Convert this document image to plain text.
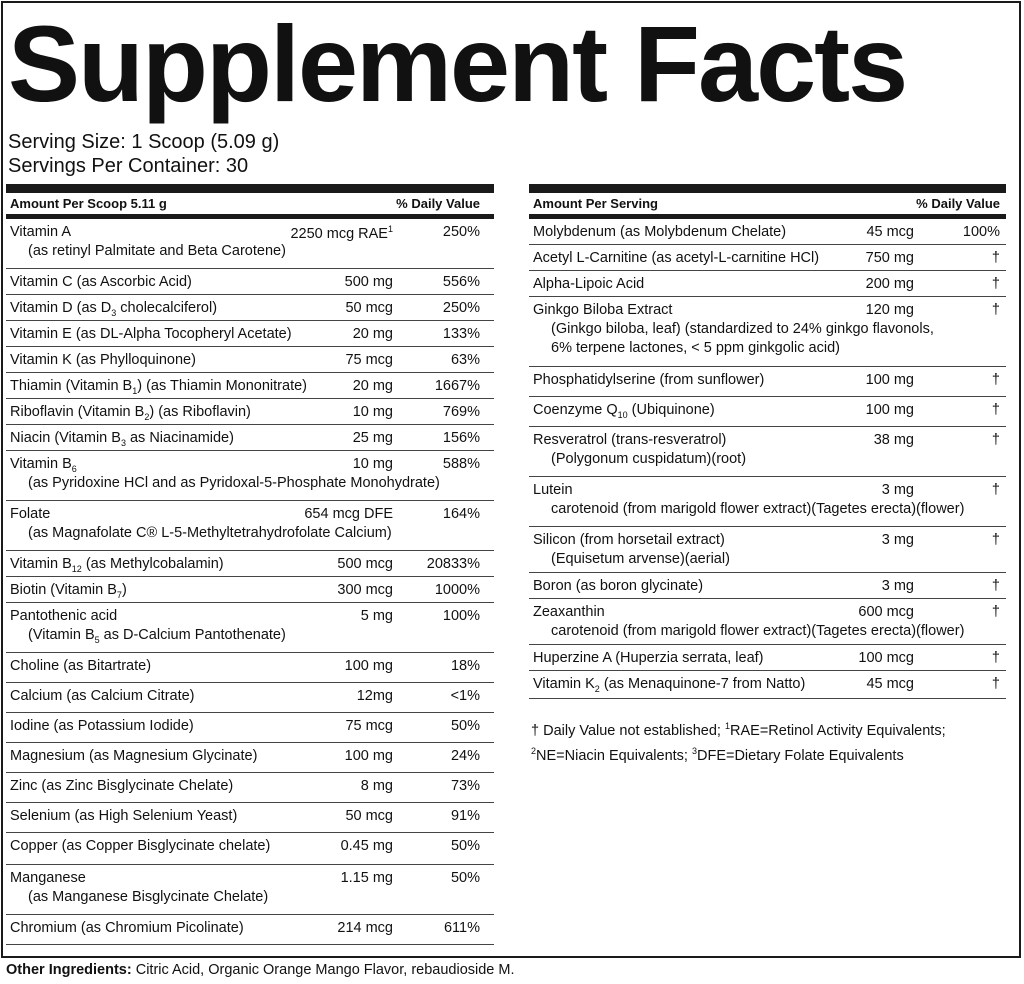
Supplement Facts
Serving Size: 1 Scoop (5.09 g)
Servings Per Container: 30
Amount Per Scoop 5.11 g	% Daily Value
Vitamin A	2250 mcg RAE$^1$	250%
(as retinyl Palmitate and Beta Carotene)
Vitamin C (as Ascorbic Acid)	500 mg	556%
Vitamin D (as $D_3$ cholecalciferol)	50 mcg	250%
Vitamin E (as DL-Alpha Tocopheryl Acetate)	20 mg	133%
Vitamin K (as Phylloquinone)	75 mcg	63%
Thiamin (Vitamin $B_1$) (as Thiamin Mononitrate)	20 mg	1667%
Riboflavin (Vitamin $B_2$) (as Riboflavin)	10 mg	769%
Niacin (Vitamin $B_3$ as Niacinamide)	25 mg	156%
Vitamin $B_6$	10 mg	588%
(as Pyridoxine HCl and as Pyridoxal-5-Phosphate Monohydrate)
Folate	654 mcg DFE	164%
(as Magnafolate C® L-5-Methyltetrahydrofolate Calcium)
Vitamin $B_{12}$ (as Methylcobalamin)	500 mcg 20833%
Biotin (Vitamin $B_7$)	300 mcg	1000%
Pantothenic acid	5 mg	100%
(Vitamin $B_5$ as D-Calcium Pantothenate)
Choline (as Bitartrate)	100 mg	18%
Calcium (as Calcium Citrate)	12mg	<1%
Iodine (as Potassium Iodide)	75 mcg	50%
Magnesium (as Magnesium Glycinate)	100 mg	24%
Zinc (as Zinc Bisglycinate Chelate)	8 mg	73%
Selenium (as High Selenium Yeast)	50 mcg	91%
Copper (as Copper Bisglycinate chelate)	0.45 mg	50%
Manganese	1.15 mg	50%
(as Manganese Bisglycinate Chelate)
Chromium (as Chromium Picolinate)	214 mcg	611%
Amount Per Serving	% Daily Value
Molybdenum (as Molybdenum Chelate)	45 mcg	100%
Acetyl L-Carnitine (as acetyl-L-carnitine HCl)	750 mg	†
Alpha-Lipoic Acid	200 mg	†
Ginkgo Biloba Extract	120 mg	†
(Ginkgo biloba, leaf) (standardized to 24% ginkgo flavonols,
6% terpene lactones, < 5 ppm ginkgolic acid)
Phosphatidylserine (from sunflower)	100 mg	†
Coenzyme $Q_{10}$ (Ubiquinone)	100 mg	†
Resveratrol (trans-resveratrol)	38 mg	†
(Polygonum cuspidatum)(root)
Lutein	3 mg	†
carotenoid (from marigold flower extract)(Tagetes erecta)(flower)
Silicon (from horsetail extract)	3 mg	†
(Equisetum arvense)(aerial)
Boron (as boron glycinate)	3 mg	†
Zeaxanthin	600 mcg	†
carotenoid (from marigold flower extract)(Tagetes erecta)(flower)
Huperzine A (Huperzia serrata, leaf)	100 mcg	†
Vitamin $K_2$ (as Menaquinone-7 from Natto)	45 mcg	†
† Daily Value not established; $^1$RAE=Retinol Activity Equivalents;
$^2$NE=Niacin Equivalents; $^3$DFE=Dietary Folate Equivalents
Other Ingredients: Citric Acid, Organic Orange Mango Flavor, rebaudioside M.
